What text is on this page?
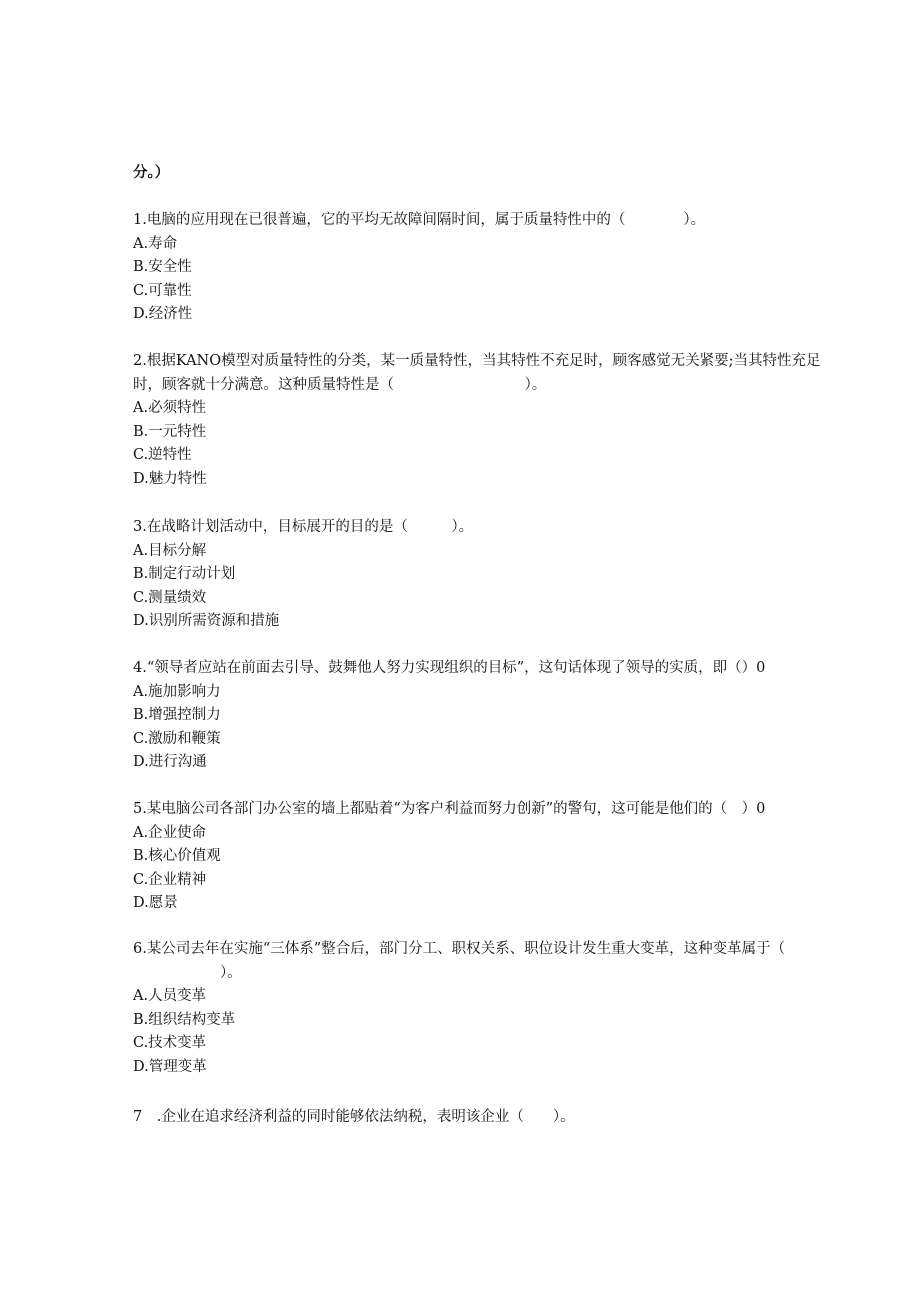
分。）
1.电脑的应用现在已很普遍，它的平均无故障间隔时间，属于质量特性中的（　　　　）。
A.寿命
B.安全性
C.可靠性
D.经济性
2.根据KANO模型对质量特性的分类，某一质量特性，当其特性不充足时，顾客感觉无关紧要;当其特性充足
时，顾客就十分满意。这种质量特性是（　　　　　　　　　）。
A.必须特性
B.一元特性
C.逆特性
D.魅力特性
3.在战略计划活动中，目标展开的目的是（　　　）。
A.目标分解
B.制定行动计划
C.测量绩效
D.识别所需资源和措施
4.“领导者应站在前面去引导、鼓舞他人努力实现组织的目标”，这句话体现了领导的实质，即（）0
A.施加影响力
B.增强控制力
C.激励和鞭策
D.进行沟通
5.某电脑公司各部门办公室的墙上都贴着“为客户利益而努力创新”的警句，这可能是他们的（　）0
A.企业使命
B.核心价值观
C.企业精神
D.愿景
6.某公司去年在实施“三体系”整合后，部门分工、职权关系、职位设计发生重大变革，这种变革属于（
　　　　　　）。
A.人员变革
B.组织结构变革
C.技术变革
D.管理变革
7　.企业在追求经济利益的同时能够依法纳税，表明该企业（　　）。
